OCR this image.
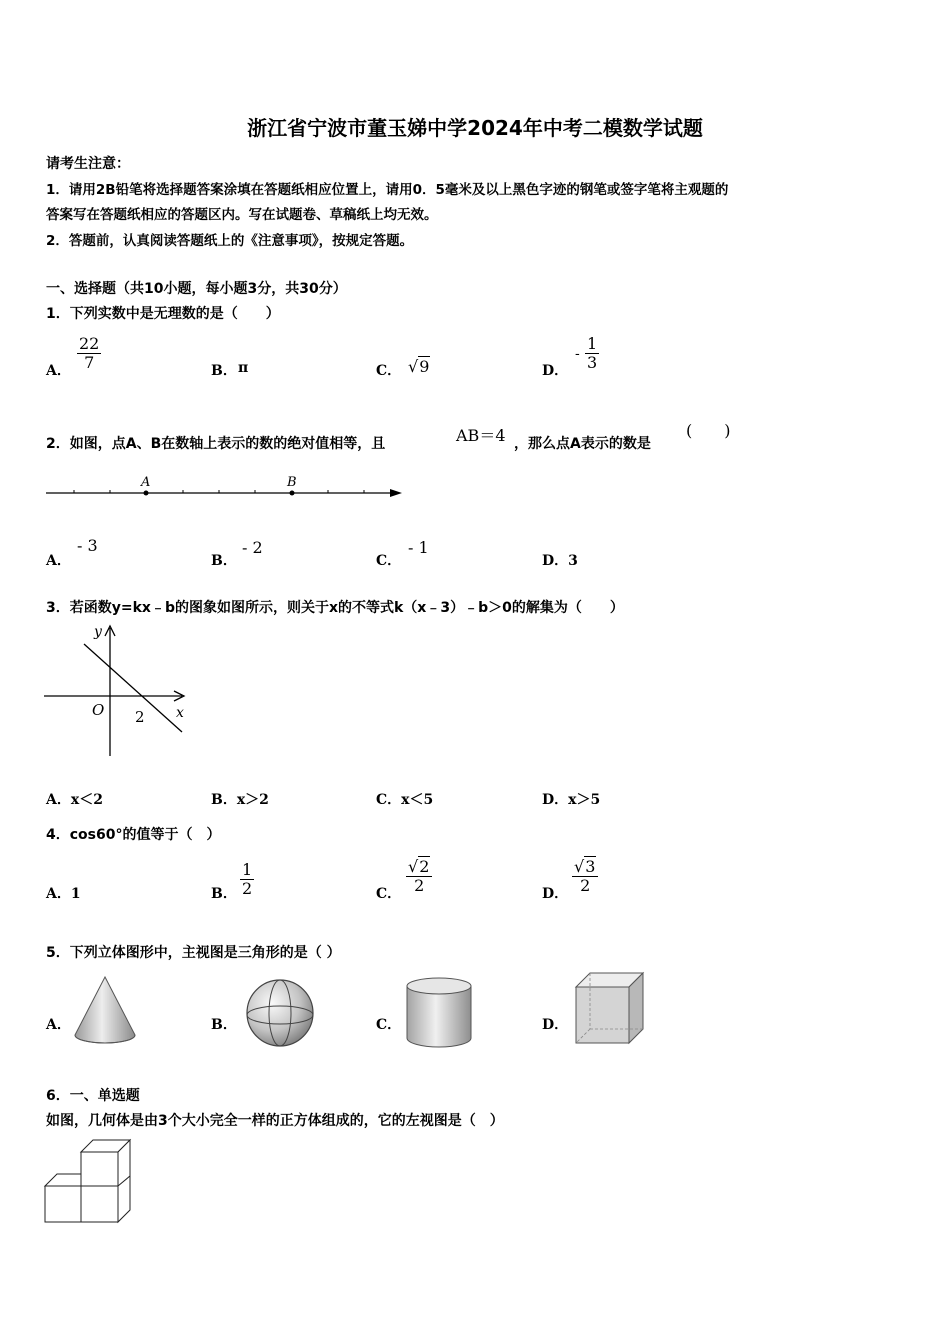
浙江省宁波市董玉娣中学2024年中考二模数学试题
请考生注意：
1．请用2B铅笔将选择题答案涂填在答题纸相应位置上，请用0．5毫米及以上黑色字迹的钢笔或签字笔将主观题的
答案写在答题纸相应的答题区内。写在试题卷、草稿纸上均无效。
2．答题前，认真阅读答题纸上的《注意事项》，按规定答题。
一、选择题（共10小题，每小题3分，共30分）
1．下列实数中是无理数的是（　　）
A．
22
7	B． π	C． √9	D．
-
1
3
2．如图，点A、B在数轴上表示的数的绝对值相等，且	AB＝4 ，那么点A表示的数是
(　　)
A	B
A．
- 3
B．
- 2
C．
- 1
D．3
3．若函数y=kx﹣b的图象如图所示，则关于x的不等式k（x﹣3）﹣b＞0的解集为（　　）
y
x
O 2
A．x＜2	B．x＞2	C．x＜5	D．x＞5
4．cos60°的值等于（　）
A．1	B．
1
2	C．
√2
2	D．
√3
2
5．下列立体图形中，主视图是三角形的是（ ）
A．	B．	C．	D．
6．一、单选题
如图，几何体是由3个大小完全一样的正方体组成的，它的左视图是（　）
